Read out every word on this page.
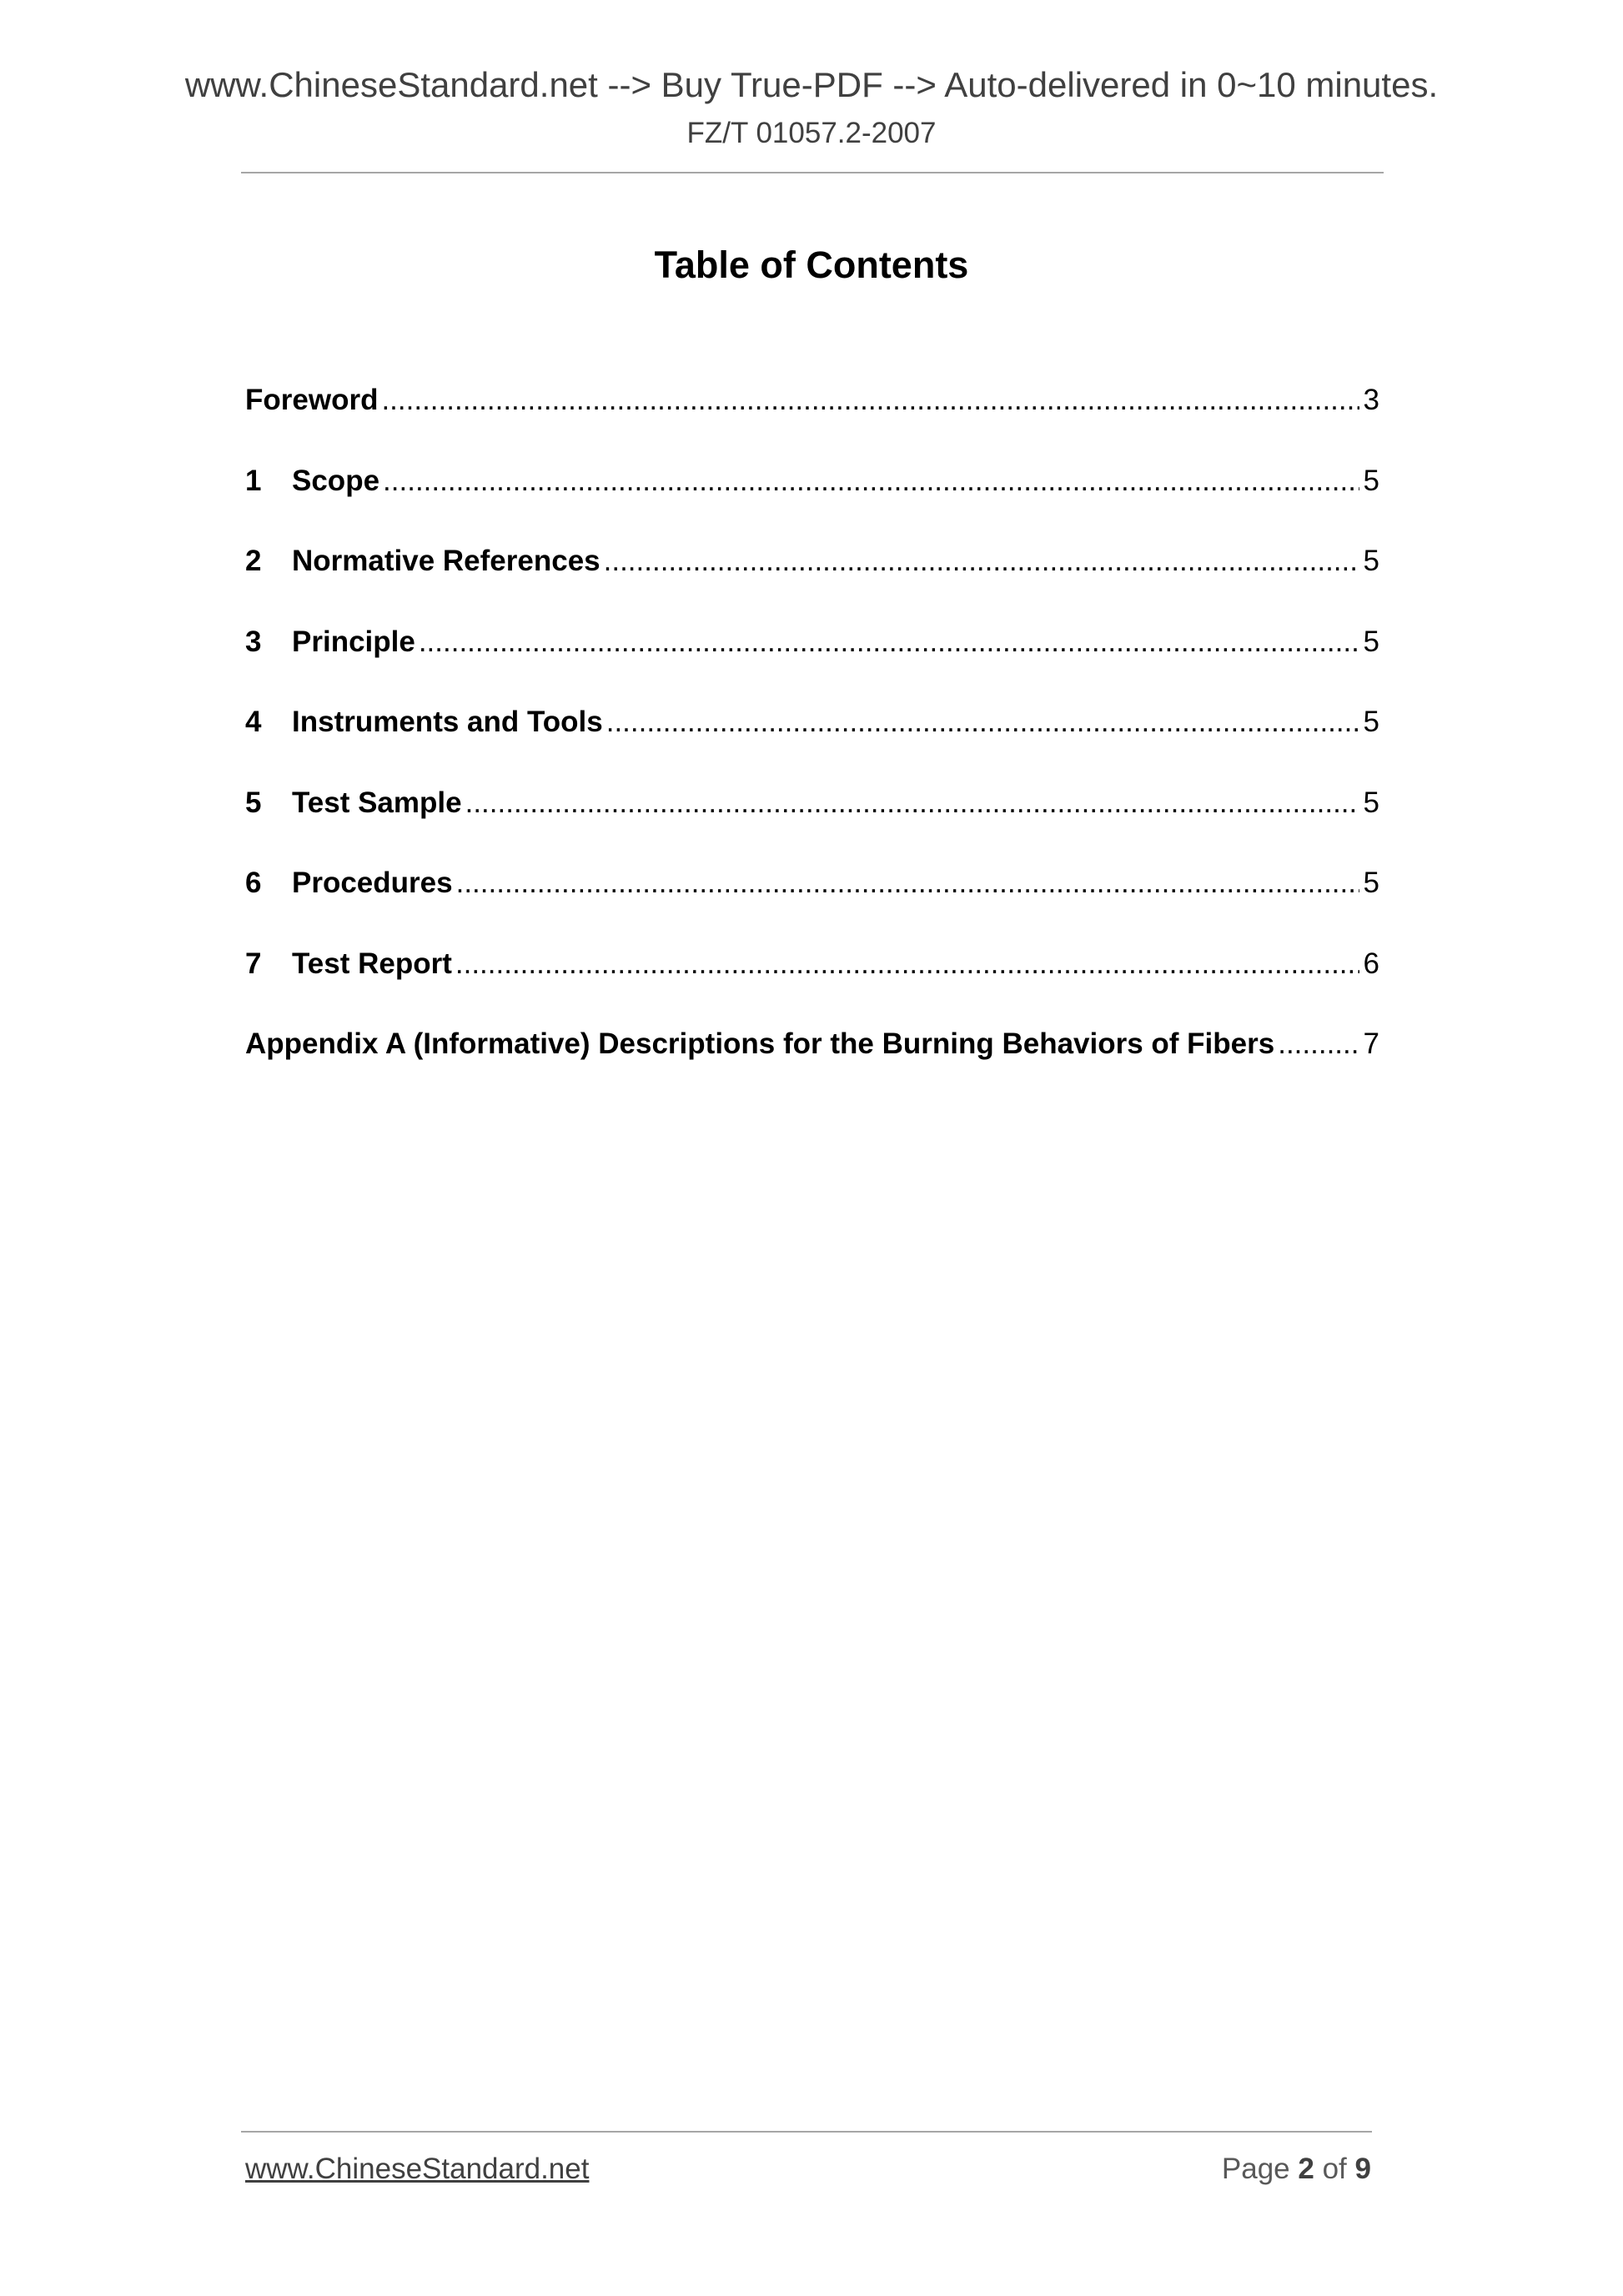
www.ChineseStandard.net --> Buy True-PDF --> Auto-delivered in 0~10 minutes.
FZ/T 01057.2-2007
Table of Contents
Foreword .....	3
1	Scope .....	5
2	Normative References .....	5
3	Principle .....	5
4	Instruments and Tools .....	5
5	Test Sample .....	5
6	Procedures .....	5
7	Test Report .....	6
Appendix A (Informative) Descriptions for the Burning Behaviors of Fibers .....	7
www.ChineseStandard.net	Page 2 of 9
